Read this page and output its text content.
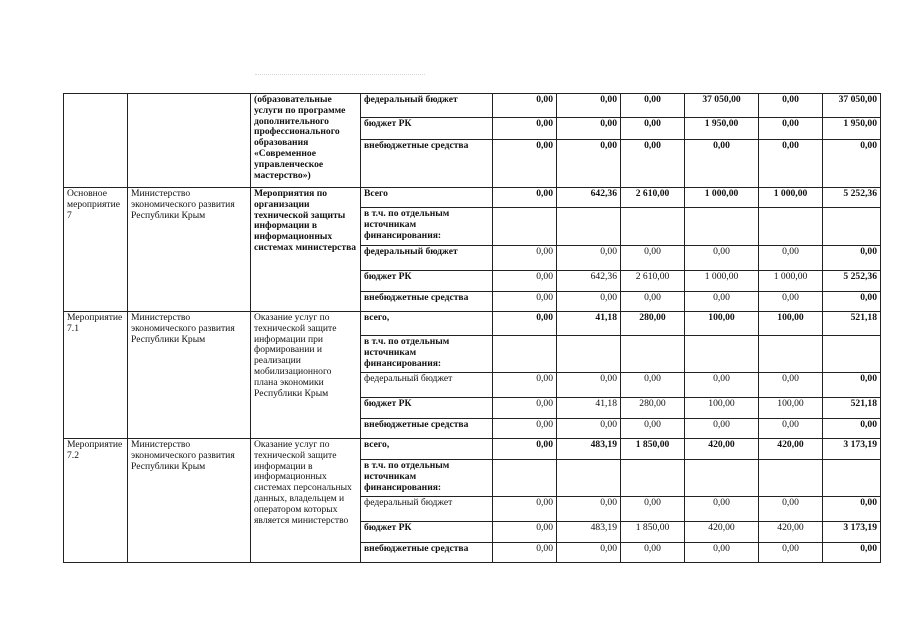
		(образовательные услуги по программе дополнительного профессионального образования «Современное управленческое мастерство»)	федеральный бюджет	0,00	0,00	0,00	37 050,00	0,00	37 050,00
			бюджет РК	0,00	0,00	0,00	1 950,00	0,00	1 950,00
			внебюджетные средства	0,00	0,00	0,00	0,00	0,00	0,00
Основное мероприятие 7	Министерство экономического развития Республики Крым	Мероприятия по организации технической защиты информации в информационных системах министерства	Всего	0,00	642,36	2 610,00	1 000,00	1 000,00	5 252,36
			в т.ч. по отдельным источникам финансирования:						
			федеральный бюджет	0,00	0,00	0,00	0,00	0,00	0,00
			бюджет РК	0,00	642,36	2 610,00	1 000,00	1 000,00	5 252,36
			внебюджетные средства	0,00	0,00	0,00	0,00	0,00	0,00
Мероприятие 7.1	Министерство экономического развития Республики Крым	Оказание услуг по технической защите информации при формировании и реализации мобилизационного плана экономики Республики Крым	всего,	0,00	41,18	280,00	100,00	100,00	521,18
			в т.ч. по отдельным источникам финансирования:						
			федеральный бюджет	0,00	0,00	0,00	0,00	0,00	0,00
			бюджет РК	0,00	41,18	280,00	100,00	100,00	521,18
			внебюджетные средства	0,00	0,00	0,00	0,00	0,00	0,00
Мероприятие 7.2	Министерство экономического развития Республики Крым	Оказание услуг по технической защите информации в информационных системах персональных данных, владельцем и оператором которых является министерство	всего,	0,00	483,19	1 850,00	420,00	420,00	3 173,19
			в т.ч. по отдельным источникам финансирования:						
			федеральный бюджет	0,00	0,00	0,00	0,00	0,00	0,00
			бюджет РК	0,00	483,19	1 850,00	420,00	420,00	3 173,19
			внебюджетные средства	0,00	0,00	0,00	0,00	0,00	0,00
